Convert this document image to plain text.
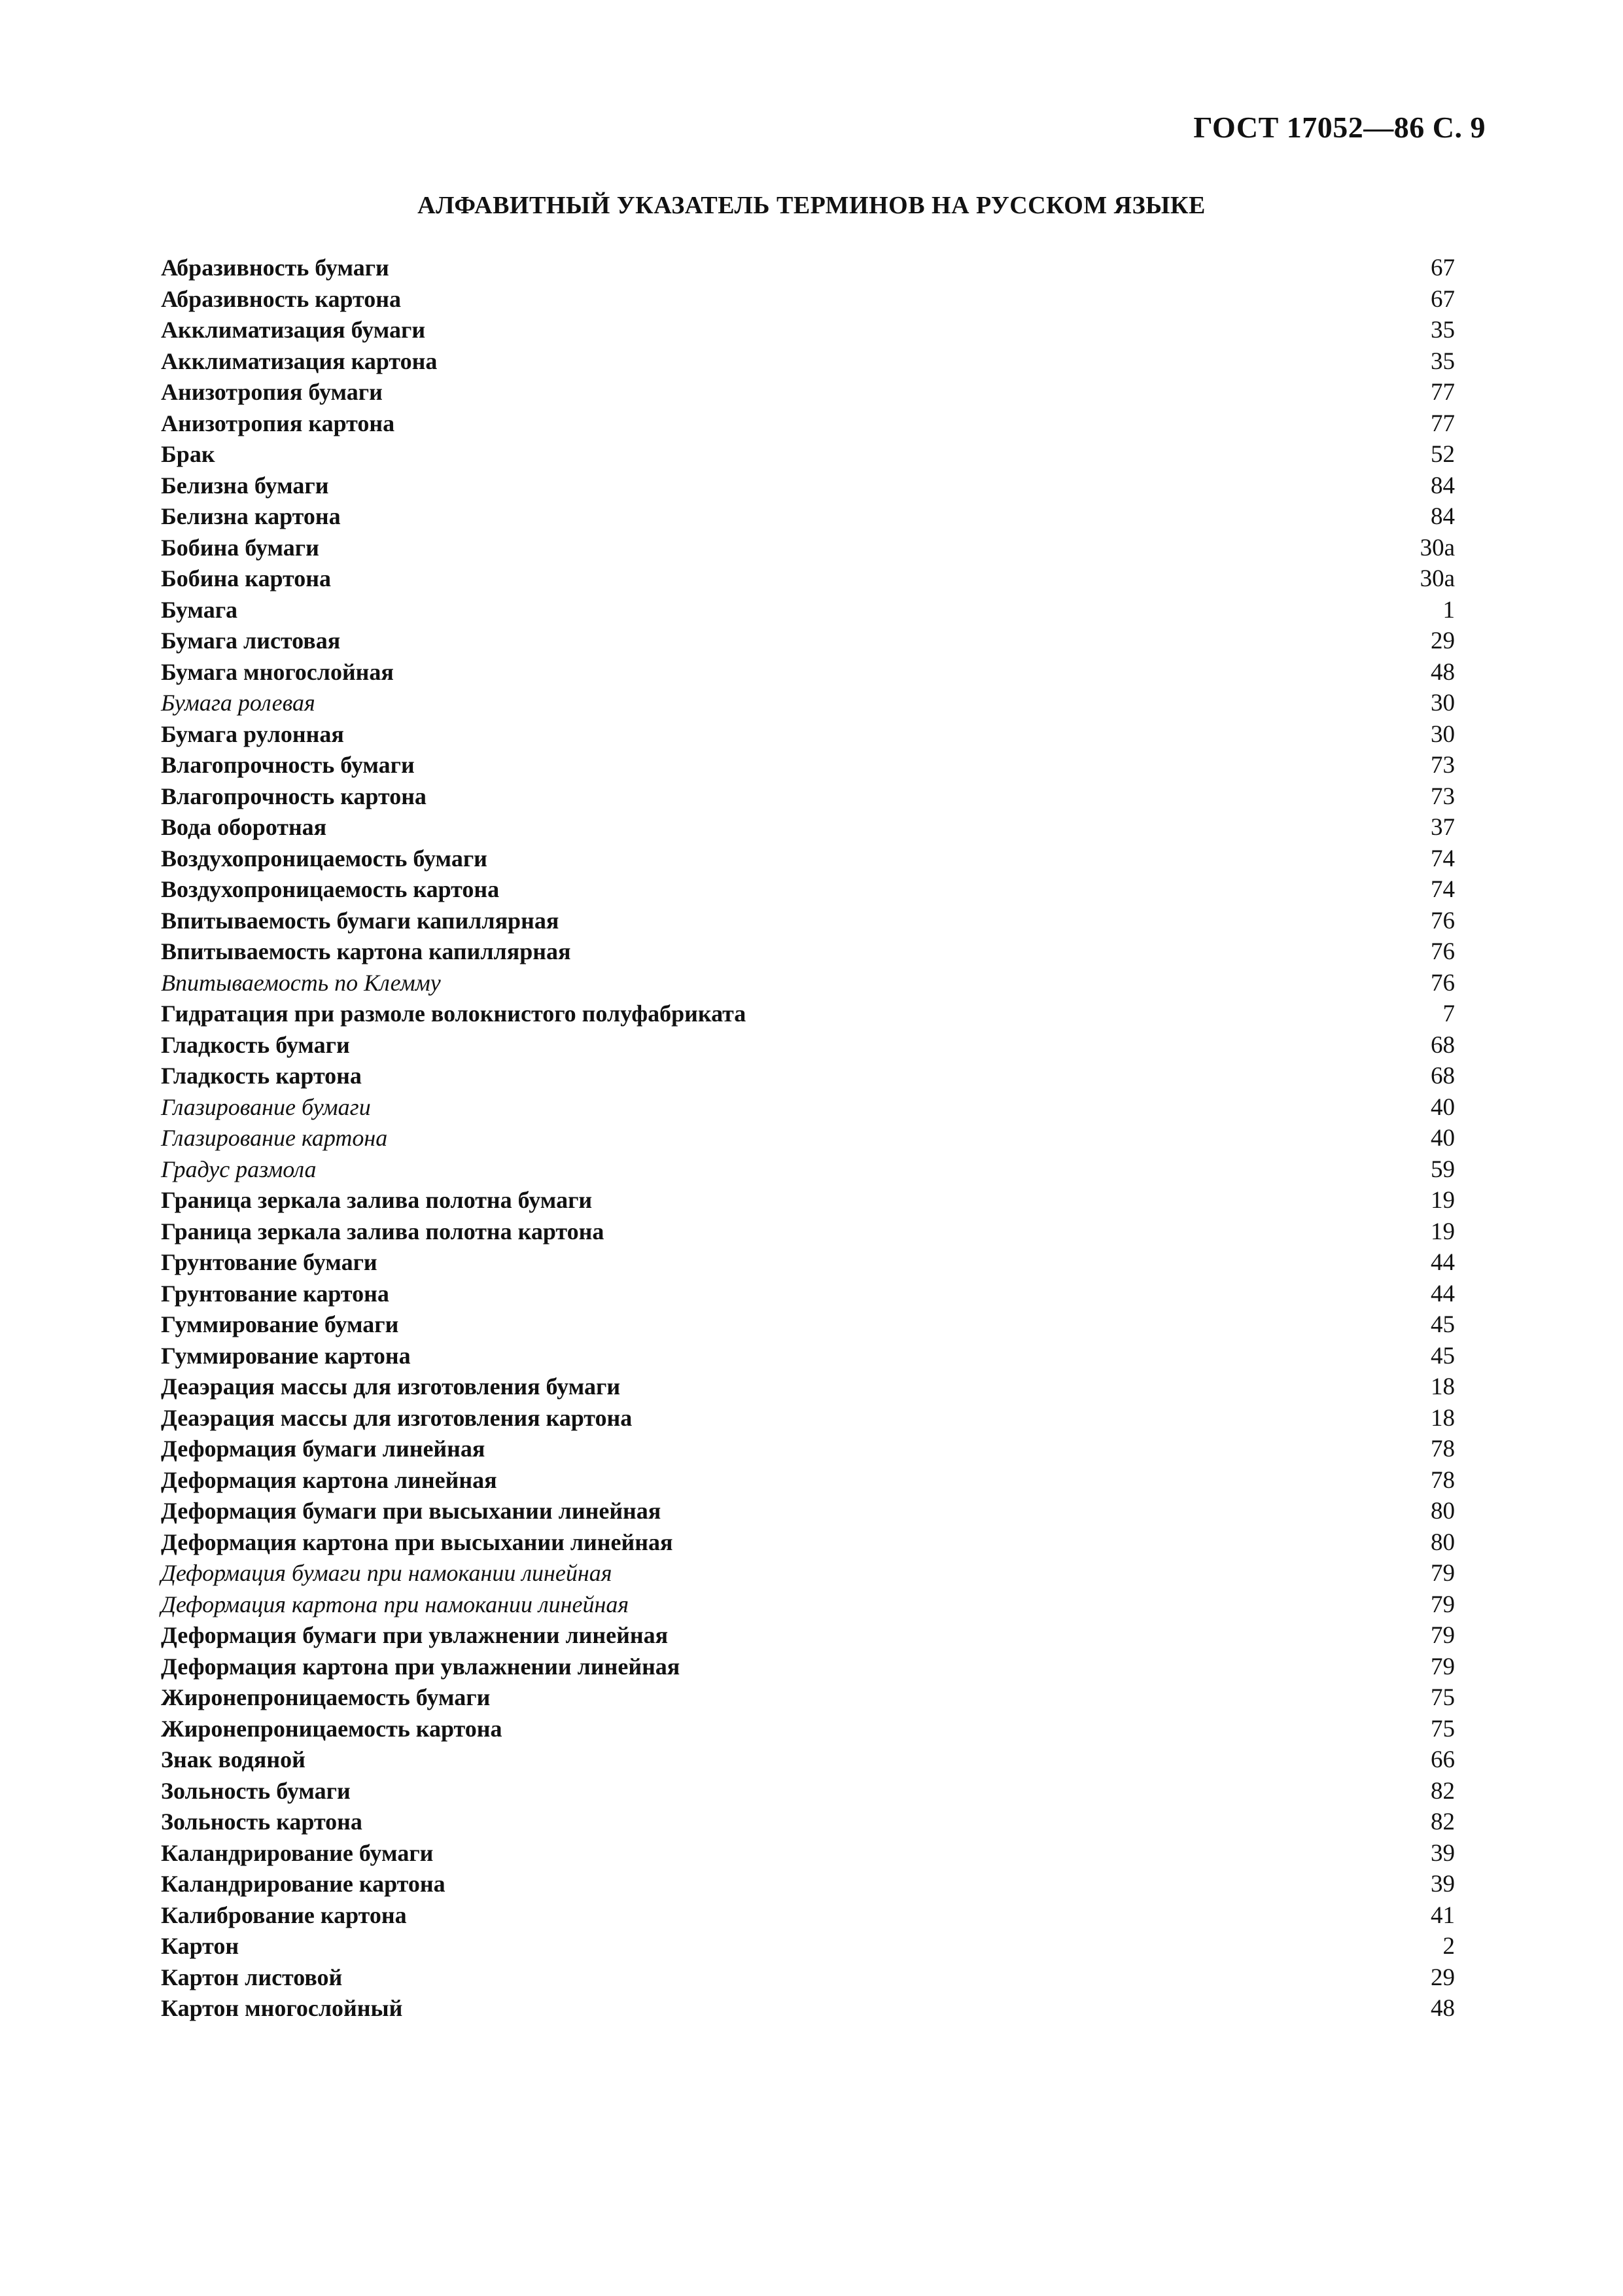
ГОСТ 17052—86 С. 9
АЛФАВИТНЫЙ УКАЗАТЕЛЬ ТЕРМИНОВ НА РУССКОМ ЯЗЫКЕ
Абразивность бумаги	67
Абразивность картона	67
Акклиматизация бумаги	35
Акклиматизация картона	35
Анизотропия бумаги	77
Анизотропия картона	77
Брак	52
Белизна бумаги	84
Белизна картона	84
Бобина бумаги	30а
Бобина картона	30а
Бумага	1
Бумага листовая	29
Бумага многослойная	48
Бумага ролевая	30
Бумага рулонная	30
Влагопрочность бумаги	73
Влагопрочность картона	73
Вода оборотная	37
Воздухопроницаемость бумаги	74
Воздухопроницаемость картона	74
Впитываемость бумаги капиллярная	76
Впитываемость картона капиллярная	76
Впитываемость по Клемму	76
Гидратация при размоле волокнистого полуфабриката	7
Гладкость бумаги	68
Гладкость картона	68
Глазирование бумаги	40
Глазирование картона	40
Градус размола	59
Граница зеркала залива полотна бумаги	19
Граница зеркала залива полотна картона	19
Грунтование бумаги	44
Грунтование картона	44
Гуммирование бумаги	45
Гуммирование картона	45
Деаэрация массы для изготовления бумаги	18
Деаэрация массы для изготовления картона	18
Деформация бумаги линейная	78
Деформация картона линейная	78
Деформация бумаги при высыхании линейная	80
Деформация картона при высыхании линейная	80
Деформация бумаги при намокании линейная	79
Деформация картона при намокании линейная	79
Деформация бумаги при увлажнении линейная	79
Деформация картона при увлажнении линейная	79
Жиронепроницаемость бумаги	75
Жиронепроницаемость картона	75
Знак водяной	66
Зольность бумаги	82
Зольность картона	82
Каландрирование бумаги	39
Каландрирование картона	39
Калибрование картона	41
Картон	2
Картон листовой	29
Картон многослойный	48
